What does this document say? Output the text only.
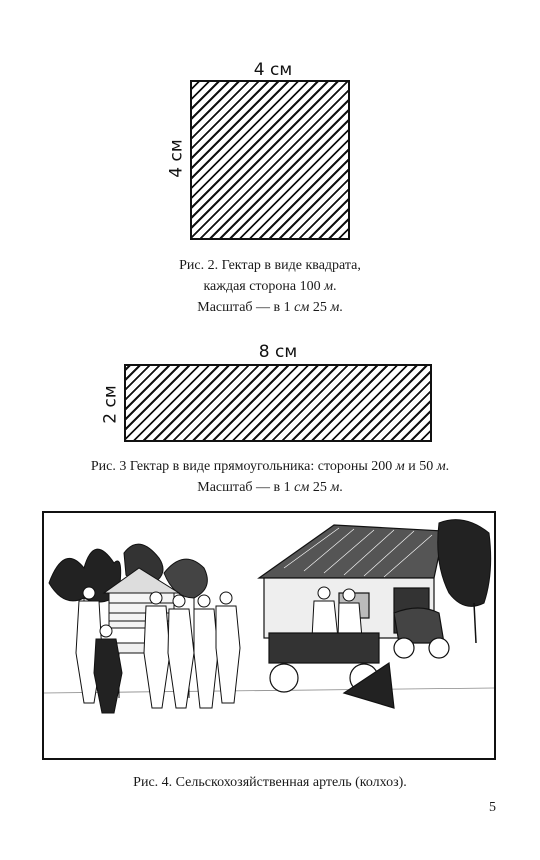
4 см
4 см
Рис. 2. Гектар в виде квадрата,
каждая сторона 100 м.
Масштаб — в 1 см 25 м.
8 см
2 см
Рис. 3 Гектар в виде прямоугольника: стороны 200 м и 50 м.
Масштаб — в 1 см 25 м.
Рис. 4. Сельскохозяйственная артель (колхоз).
5
